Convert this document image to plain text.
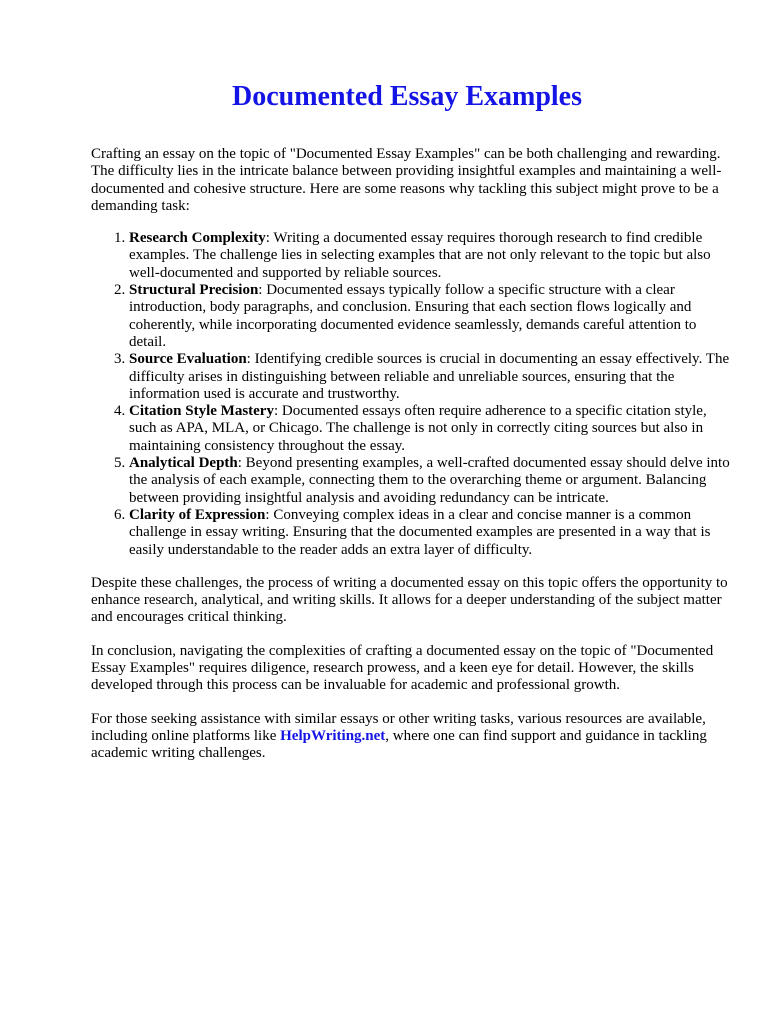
Documented Essay Examples

Crafting an essay on the topic of "Documented Essay Examples" can be both challenging and rewarding. The difficulty lies in the intricate balance between providing insightful examples and maintaining a well-documented and cohesive structure. Here are some reasons why tackling this subject might prove to be a demanding task:

1. Research Complexity: Writing a documented essay requires thorough research to find credible examples. The challenge lies in selecting examples that are not only relevant to the topic but also well-documented and supported by reliable sources.
2. Structural Precision: Documented essays typically follow a specific structure with a clear introduction, body paragraphs, and conclusion. Ensuring that each section flows logically and coherently, while incorporating documented evidence seamlessly, demands careful attention to detail.
3. Source Evaluation: Identifying credible sources is crucial in documenting an essay effectively. The difficulty arises in distinguishing between reliable and unreliable sources, ensuring that the information used is accurate and trustworthy.
4. Citation Style Mastery: Documented essays often require adherence to a specific citation style, such as APA, MLA, or Chicago. The challenge is not only in correctly citing sources but also in maintaining consistency throughout the essay.
5. Analytical Depth: Beyond presenting examples, a well-crafted documented essay should delve into the analysis of each example, connecting them to the overarching theme or argument. Balancing between providing insightful analysis and avoiding redundancy can be intricate.
6. Clarity of Expression: Conveying complex ideas in a clear and concise manner is a common challenge in essay writing. Ensuring that the documented examples are presented in a way that is easily understandable to the reader adds an extra layer of difficulty.

Despite these challenges, the process of writing a documented essay on this topic offers the opportunity to enhance research, analytical, and writing skills. It allows for a deeper understanding of the subject matter and encourages critical thinking.

In conclusion, navigating the complexities of crafting a documented essay on the topic of "Documented Essay Examples" requires diligence, research prowess, and a keen eye for detail. However, the skills developed through this process can be invaluable for academic and professional growth.

For those seeking assistance with similar essays or other writing tasks, various resources are available, including online platforms like HelpWriting.net, where one can find support and guidance in tackling academic writing challenges.
